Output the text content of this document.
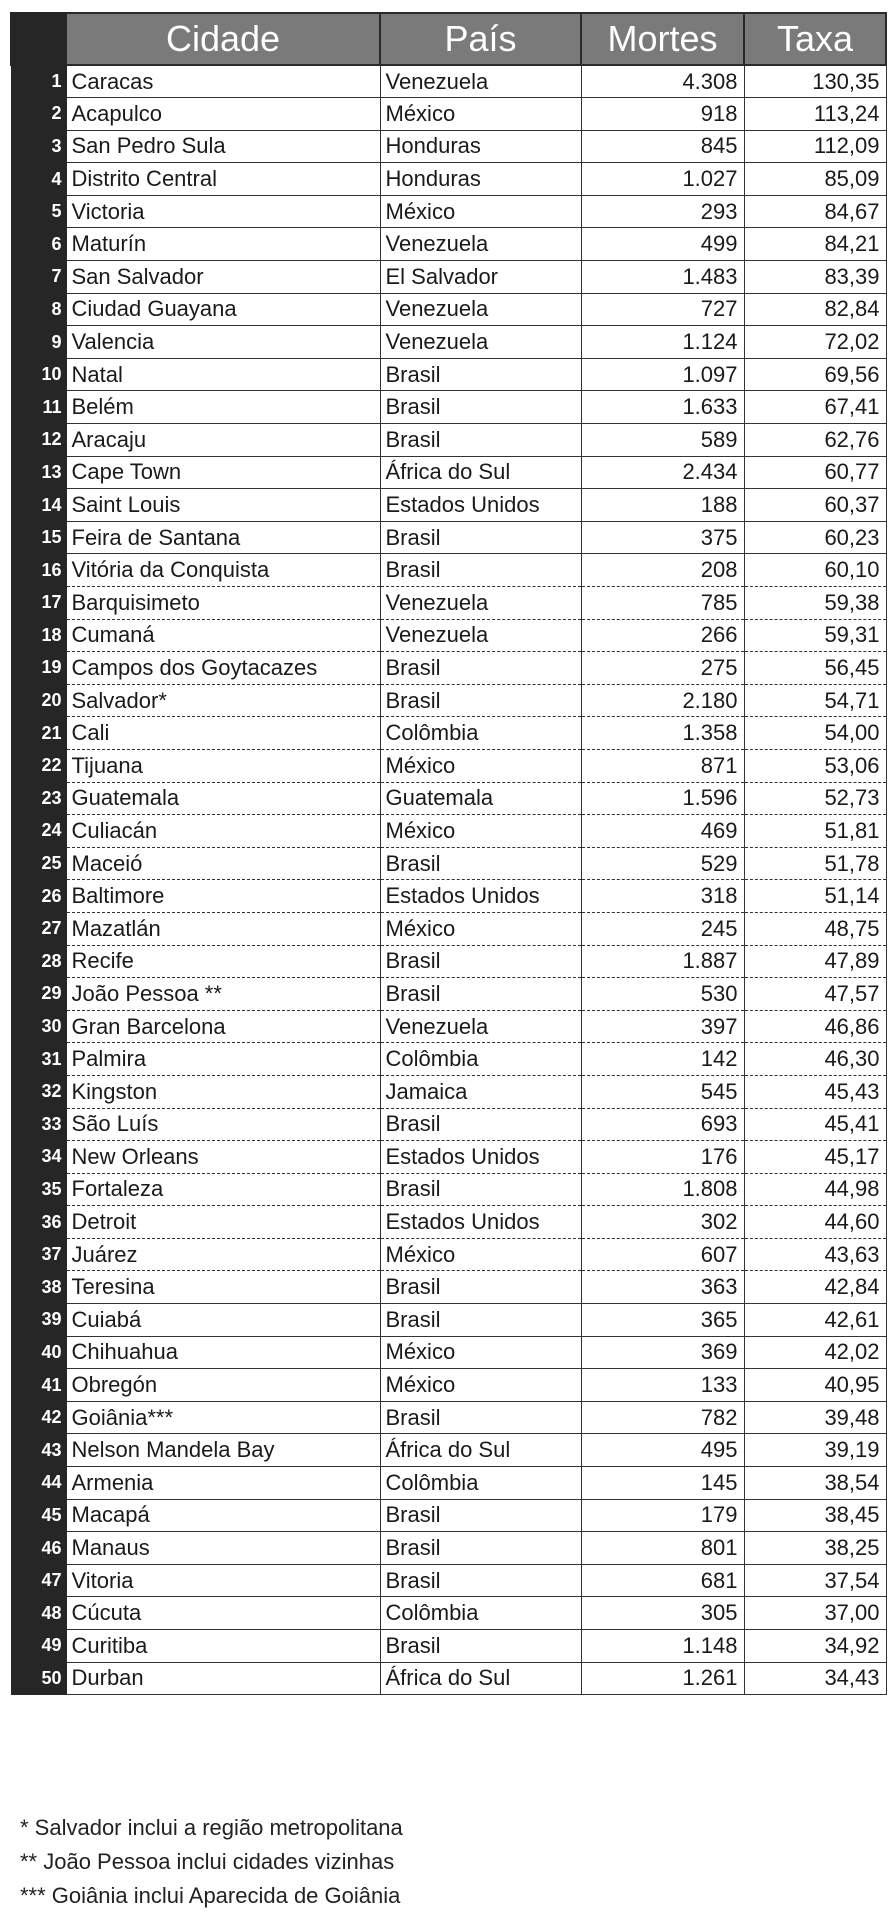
	Cidade	País	Mortes	Taxa
1	Caracas	Venezuela	4.308	130,35
2	Acapulco	México	918	113,24
3	San Pedro Sula	Honduras	845	112,09
4	Distrito Central	Honduras	1.027	85,09
5	Victoria	México	293	84,67
6	Maturín	Venezuela	499	84,21
7	San Salvador	El Salvador	1.483	83,39
8	Ciudad Guayana	Venezuela	727	82,84
9	Valencia	Venezuela	1.124	72,02
10	Natal	Brasil	1.097	69,56
11	Belém	Brasil	1.633	67,41
12	Aracaju	Brasil	589	62,76
13	Cape Town	África do Sul	2.434	60,77
14	Saint Louis	Estados Unidos	188	60,37
15	Feira de Santana	Brasil	375	60,23
16	Vitória da Conquista	Brasil	208	60,10
17	Barquisimeto	Venezuela	785	59,38
18	Cumaná	Venezuela	266	59,31
19	Campos dos Goytacazes	Brasil	275	56,45
20	Salvador*	Brasil	2.180	54,71
21	Cali	Colômbia	1.358	54,00
22	Tijuana	México	871	53,06
23	Guatemala	Guatemala	1.596	52,73
24	Culiacán	México	469	51,81
25	Maceió	Brasil	529	51,78
26	Baltimore	Estados Unidos	318	51,14
27	Mazatlán	México	245	48,75
28	Recife	Brasil	1.887	47,89
29	João Pessoa **	Brasil	530	47,57
30	Gran Barcelona	Venezuela	397	46,86
31	Palmira	Colômbia	142	46,30
32	Kingston	Jamaica	545	45,43
33	São Luís	Brasil	693	45,41
34	New Orleans	Estados Unidos	176	45,17
35	Fortaleza	Brasil	1.808	44,98
36	Detroit	Estados Unidos	302	44,60
37	Juárez	México	607	43,63
38	Teresina	Brasil	363	42,84
39	Cuiabá	Brasil	365	42,61
40	Chihuahua	México	369	42,02
41	Obregón	México	133	40,95
42	Goiânia***	Brasil	782	39,48
43	Nelson Mandela Bay	África do Sul	495	39,19
44	Armenia	Colômbia	145	38,54
45	Macapá	Brasil	179	38,45
46	Manaus	Brasil	801	38,25
47	Vitoria	Brasil	681	37,54
48	Cúcuta	Colômbia	305	37,00
49	Curitiba	Brasil	1.148	34,92
50	Durban	África do Sul	1.261	34,43
* Salvador inclui a região metropolitana
** João Pessoa inclui cidades vizinhas
*** Goiânia inclui Aparecida de Goiânia
